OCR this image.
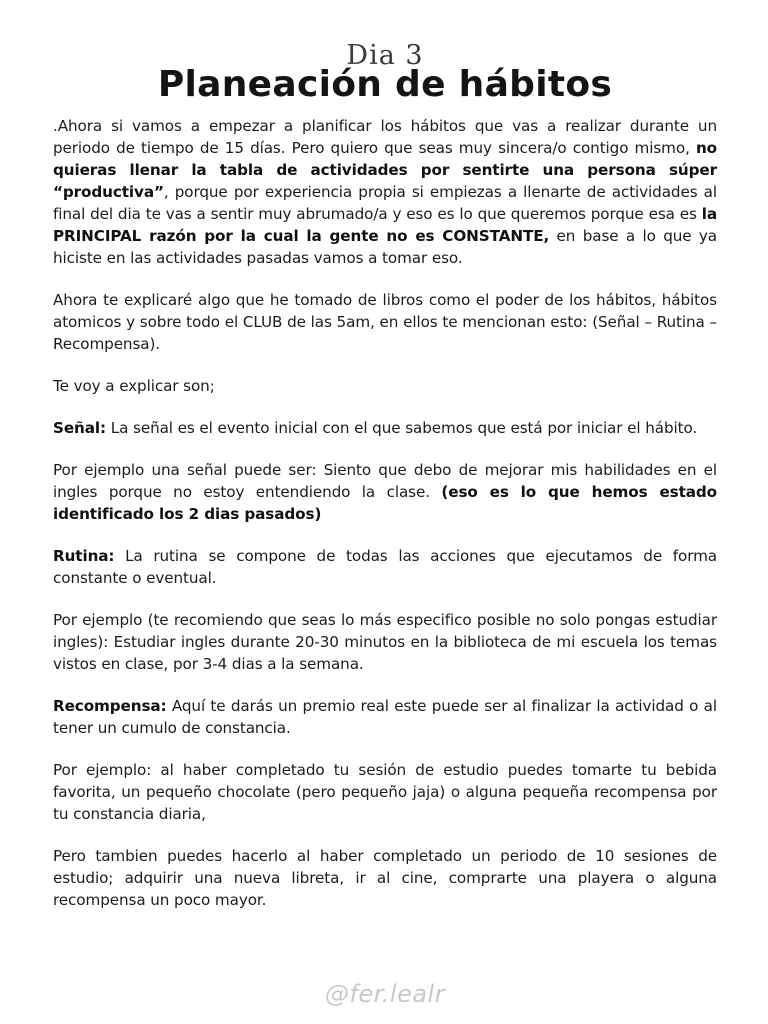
Dia 3
Planeación de hábitos

.Ahora si vamos a empezar a planificar los hábitos que vas a realizar durante un periodo de tiempo de 15 días. Pero quiero que seas muy sincera/o contigo mismo, no quieras llenar la tabla de actividades por sentirte una persona súper “productiva”, porque por experiencia propia si empiezas a llenarte de actividades al final del dia te vas a sentir muy abrumado/a y eso es lo que queremos porque esa es la PRINCIPAL razón por la cual la gente no es CONSTANTE, en base a lo que ya hiciste en las actividades pasadas vamos a tomar eso.

Ahora te explicaré algo que he tomado de libros como el poder de los hábitos, hábitos atomicos y sobre todo el CLUB de las 5am, en ellos te mencionan esto: (Señal – Rutina – Recompensa).

Te voy a explicar son;

Señal: La señal es el evento inicial con el que sabemos que está por iniciar el hábito.

Por ejemplo una señal puede ser: Siento que debo de mejorar mis habilidades en el ingles porque no estoy entendiendo la clase. (eso es lo que hemos estado identificado los 2 dias pasados)

Rutina: La rutina se compone de todas las acciones que ejecutamos de forma constante o eventual.

Por ejemplo (te recomiendo que seas lo más especifico posible no solo pongas estudiar ingles): Estudiar ingles durante 20-30 minutos en la biblioteca de mi escuela los temas vistos en clase, por 3-4 dias a la semana.

Recompensa: Aquí te darás un premio real este puede ser al finalizar la actividad o al tener un cumulo de constancia.

Por ejemplo: al haber completado tu sesión de estudio puedes tomarte tu bebida favorita, un pequeño chocolate (pero pequeño jaja) o alguna pequeña recompensa por tu constancia diaria,

Pero tambien puedes hacerlo al haber completado un periodo de 10 sesiones de estudio; adquirir una nueva libreta, ir al cine, comprarte una playera o alguna recompensa un poco mayor.

@fer.lealr
